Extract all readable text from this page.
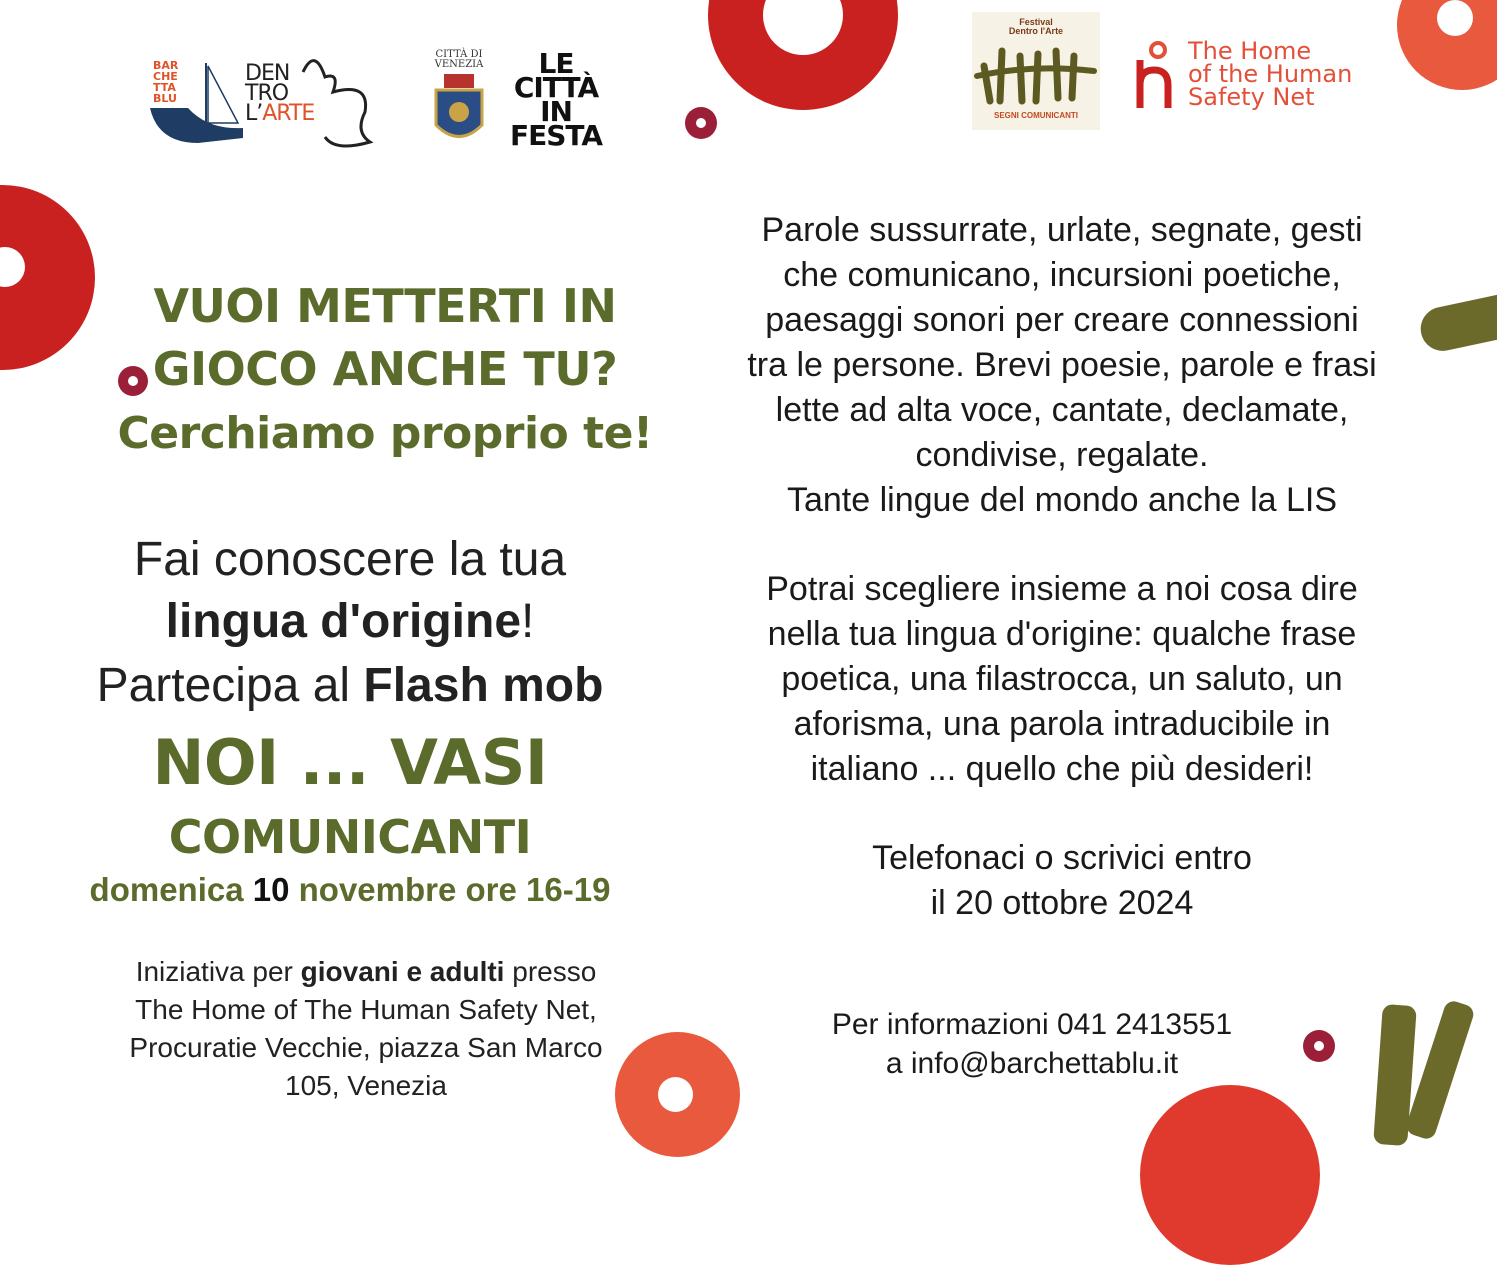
BAR
CHE
TTA
BLU
DEN
TRO
L’ARTE
CITTÀ DI
VENEZIA	LE
CITTÀ
IN
FESTA
Festival
Dentro l'Arte
SEGNI COMUNICANTI
The Home
of the Human
Safety Net
VUOI METTERTI IN
GIOCO ANCHE TU?
Cerchiamo proprio te!
Fai conoscere la tua
lingua d'origine!
Partecipa al Flash mob
NOI ... VASI
COMUNICANTI
domenica 10 novembre ore 16-19
Iniziativa per giovani e adulti presso
The Home of The Human Safety Net,
Procuratie Vecchie, piazza San Marco
105, Venezia
Parole sussurrate, urlate, segnate, gesti
che comunicano, incursioni poetiche,
paesaggi sonori per creare connessioni
tra le persone. Brevi poesie, parole e frasi
lette ad alta voce, cantate, declamate,
condivise, regalate.
Tante lingue del mondo anche la LIS
Potrai scegliere insieme a noi cosa dire
nella tua lingua d'origine: qualche frase
poetica, una filastrocca, un saluto, un
aforisma, una parola intraducibile in
italiano ... quello che più desideri!
Telefonaci o scrivici entro
il 20 ottobre 2024
Per informazioni 041 2413551
a info@barchettablu.it
